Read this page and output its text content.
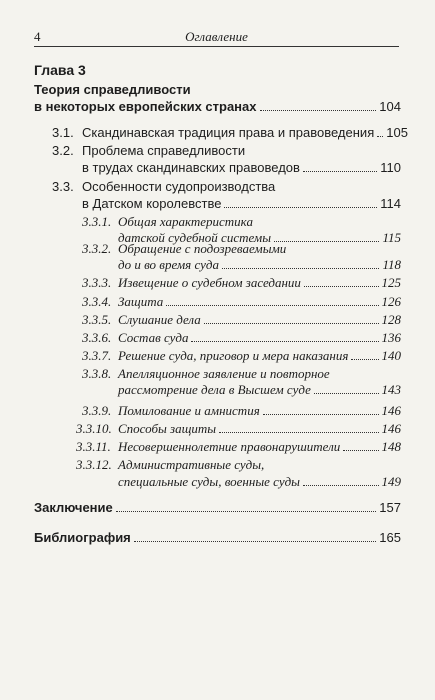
4	Оглавление
Глава 3
Теория справедливости
в некоторых европейских странах	104
3.1. Скандинавская традиция права и правоведения 105
3.2. Проблема справедливости
в трудах скандинавских правоведов	110
3.3. Особенности судопроизводства
в Датском королевстве	114
3.3.1. Общая характеристика
датской судебной системы	115
3.3.2. Обращение с подозреваемыми
до и во время суда	118
3.3.3. Извещение о судебном заседании	125
3.3.4. Защита	126
3.3.5. Слушание дела	128
3.3.6. Состав суда	136
3.3.7. Решение суда, приговор и мера наказания	140
3.3.8. Апелляционное заявление и повторное
рассмотрение дела в Высшем суде	143
3.3.9. Помилование и амнистия	146
3.3.10. Способы защиты	146
3.3.11. Несовершеннолетние правонарушители	148
3.3.12. Административные суды,
специальные суды, военные суды	149
Заключение	157
Библиография	165
